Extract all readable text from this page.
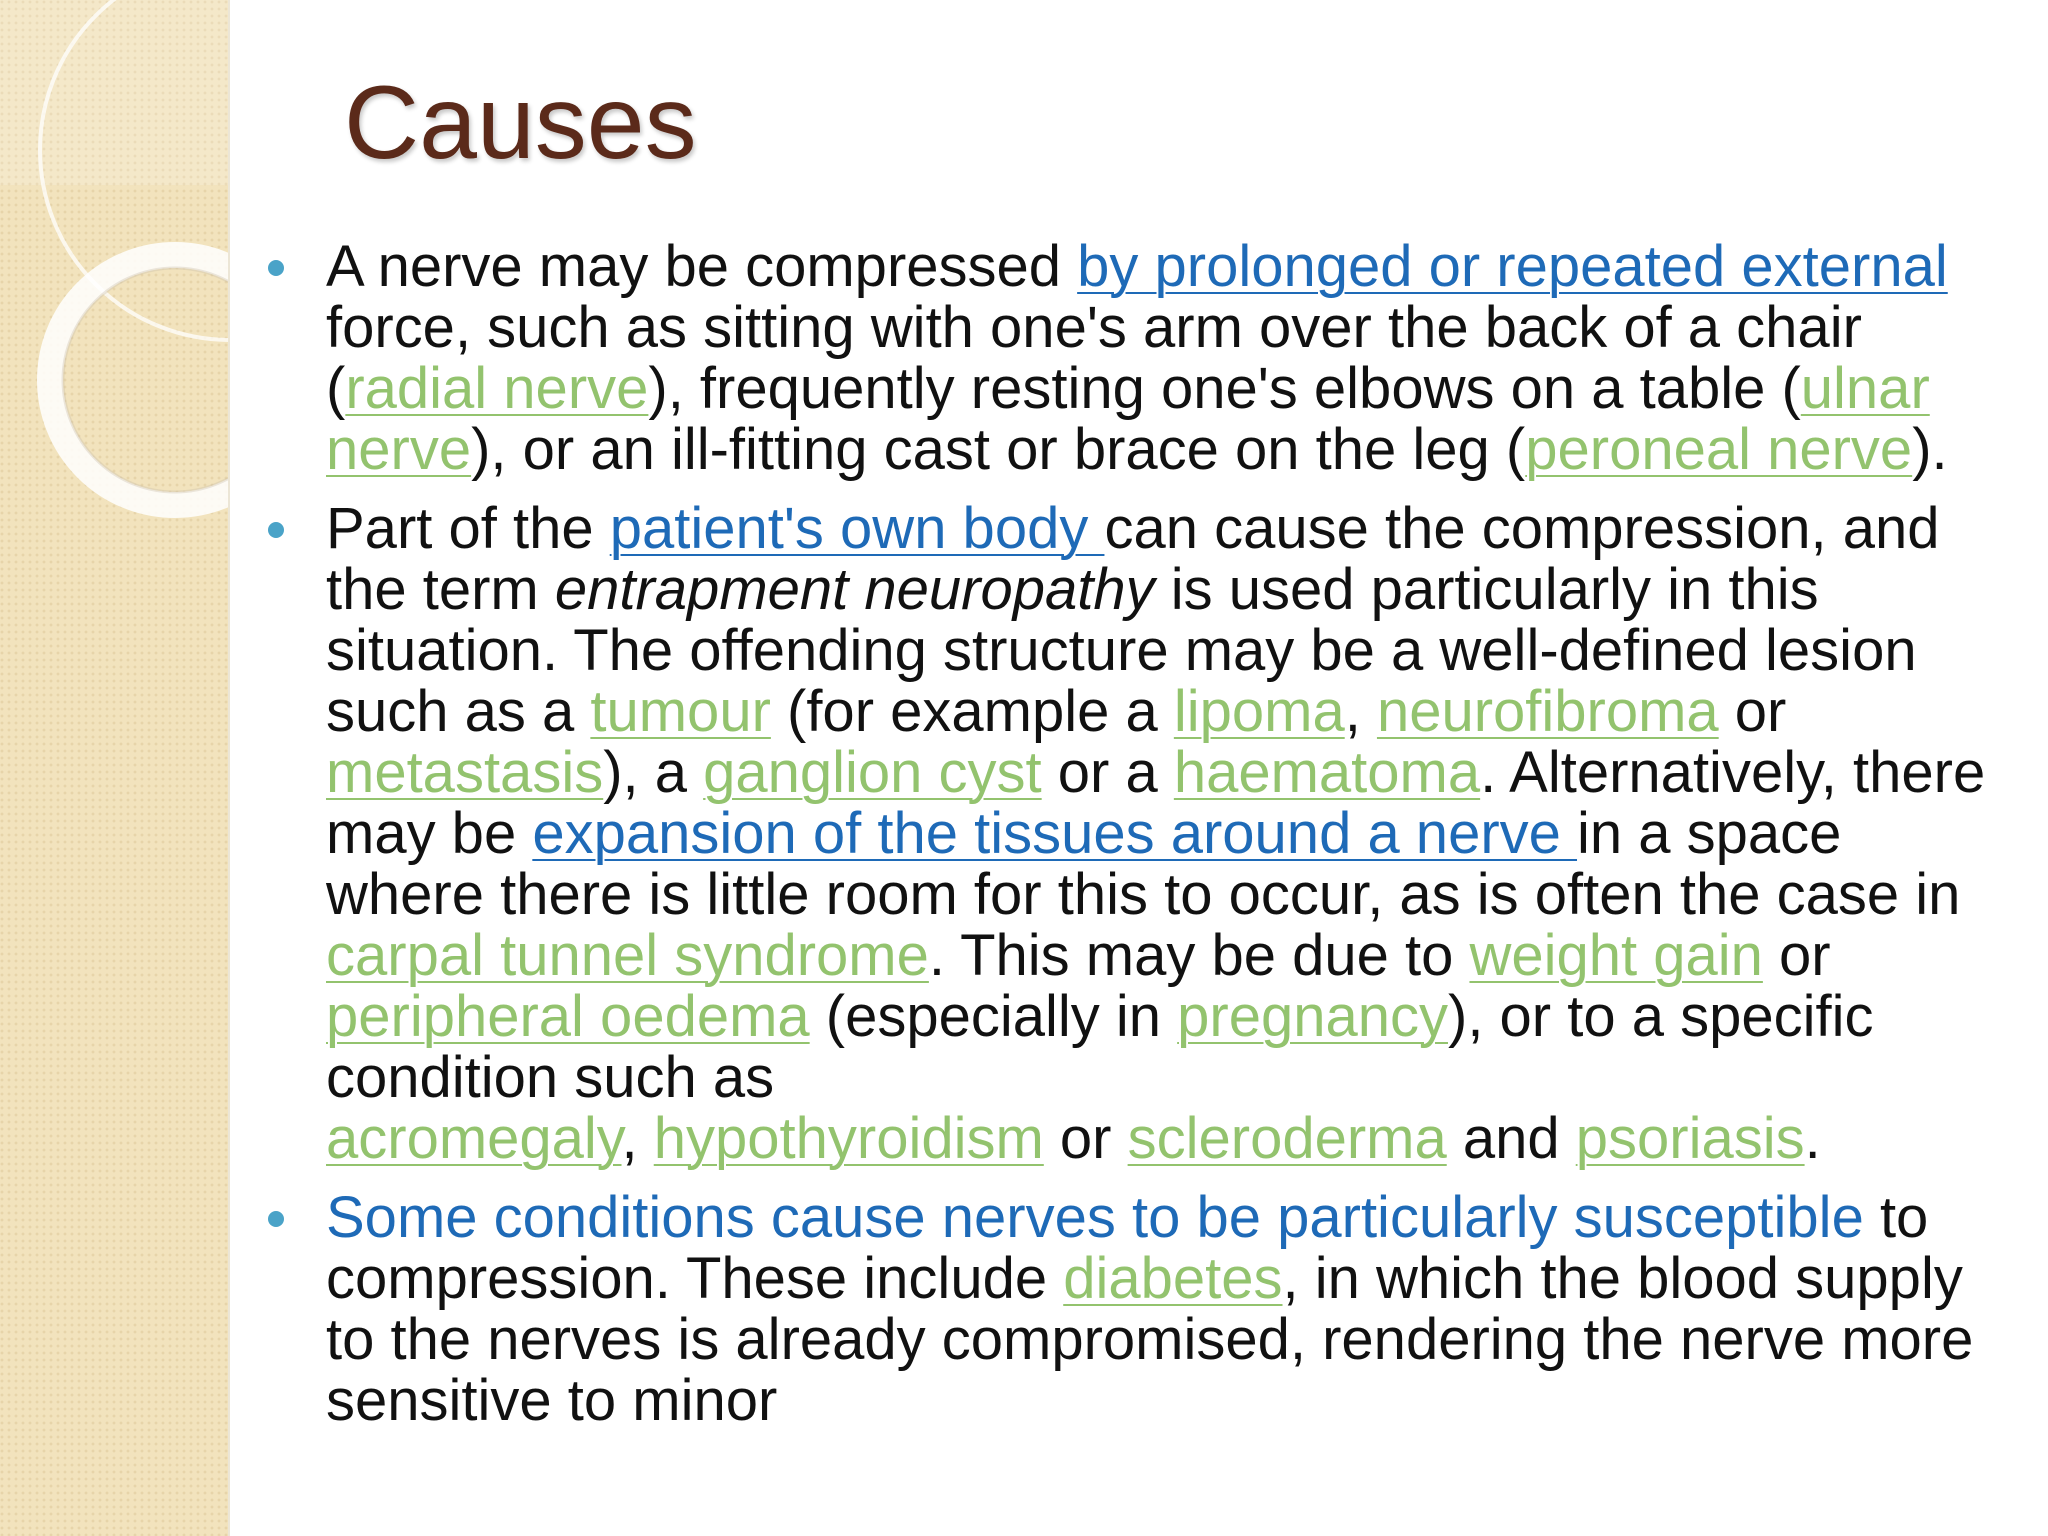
Causes
A nerve may be compressed by prolonged or repeated external force, such as sitting with one's arm over the back of a chair (radial nerve), frequently resting one's elbows on a table (ulnar nerve), or an ill-fitting cast or brace on the leg (peroneal nerve).
Part of the patient's own body can cause the compression, and the term entrapment neuropathy is used particularly in this situation. The offending structure may be a well-defined lesion such as a tumour (for example a lipoma, neurofibroma or metastasis), a ganglion cyst or a haematoma. Alternatively, there may be expansion of the tissues around a nerve in a space where there is little room for this to occur, as is often the case in carpal tunnel syndrome. This may be due to weight gain or peripheral oedema (especially in pregnancy), or to a specific condition such as
acromegaly, hypothyroidism or scleroderma and psoriasis.
Some conditions cause nerves to be particularly susceptible to compression. These include diabetes, in which the blood supply to the nerves is already compromised, rendering the nerve more sensitive to minor
